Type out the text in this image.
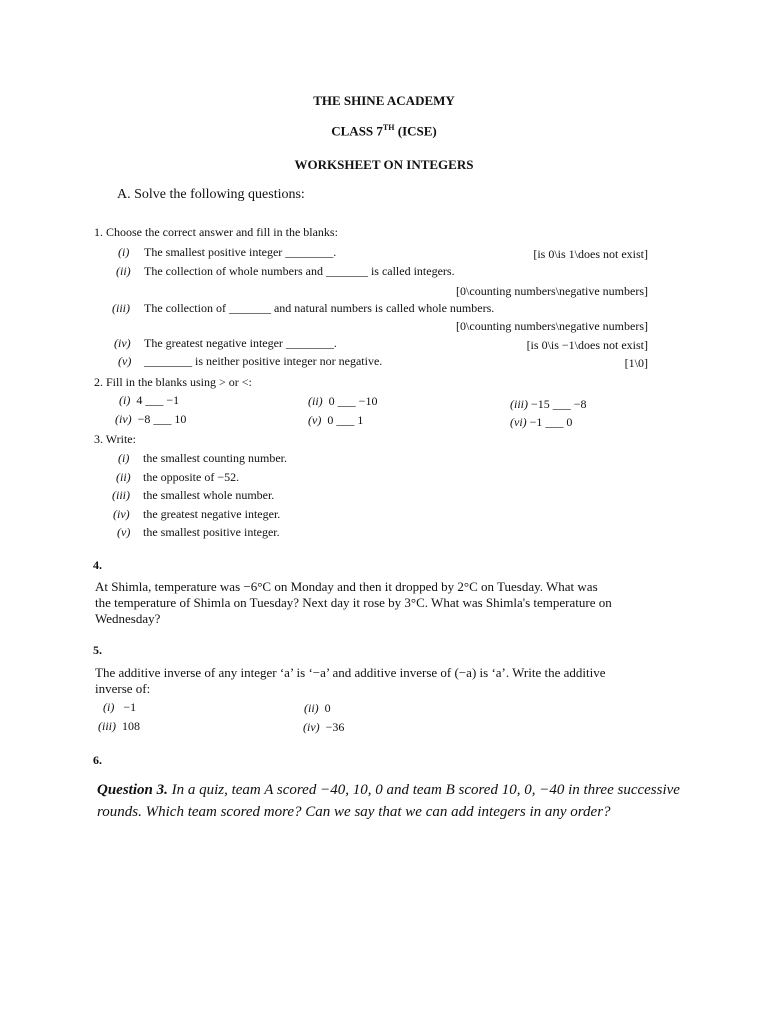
THE SHINE ACADEMY
CLASS 7TH (ICSE)
WORKSHEET ON INTEGERS
A. Solve the following questions:
1. Choose the correct answer and fill in the blanks:
(i) The smallest positive integer ________.	[is 0\is 1\does not exist]
(ii) The collection of whole numbers and _______ is called integers.
[0\counting numbers\negative numbers]
(iii) The collection of _______ and natural numbers is called whole numbers.
[0\counting numbers\negative numbers]
(iv) The greatest negative integer ________.	[is 0\is −1\does not exist]
(v) ________ is neither positive integer nor negative.	[1\0]
2. Fill in the blanks using > or <:
(i) 4 ___ −1	(ii) 0 ___ −10	(iii) −15 ___ −8
(iv) −8 ___ 10	(v) 0 ___ 1	(vi) −1 ___ 0
3. Write:
(i) the smallest counting number.
(ii) the opposite of −52.
(iii) the smallest whole number.
(iv) the greatest negative integer.
(v) the smallest positive integer.
4.
At Shimla, temperature was −6°C on Monday and then it dropped by 2°C on Tuesday. What was
the temperature of Shimla on Tuesday? Next day it rose by 3°C. What was Shimla's temperature on
Wednesday?
5.
The additive inverse of any integer ‘a’ is ‘−a’ and additive inverse of (−a) is ‘a’. Write the additive
inverse of:
(i) −1	(ii) 0
(iii) 108	(iv) −36
6.
Question 3. In a quiz, team A scored −40, 10, 0 and team B scored 10, 0, −40 in three successive
rounds. Which team scored more? Can we say that we can add integers in any order?
